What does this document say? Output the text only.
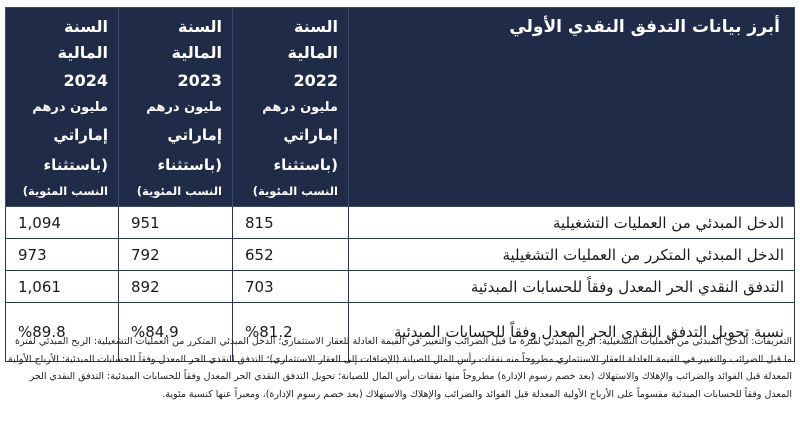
أبرز بيانات التدفق النقدي الأولي	السنة المالية
2022
مليون درهم
إماراتي (باستثناء
النسب المئوية)	السنة المالية
2023
مليون درهم
إماراتي (باستثناء
النسب المئوية)	السنة المالية
2024
مليون درهم
إماراتي (باستثناء
النسب المئوية)

الدخل المبدئي من العمليات التشغيلية	815	951	1,094
الدخل المبدئي المتكرر من العمليات التشغيلية	652	792	973
التدفق النقدي الحر المعدل وفقاً للحسابات المبدئية	703	892	1,061
نسبة تحويل التدفق النقدي الحر المعدل وفقاً للحسابات المبدئية	%81.2	%84.9	%89.8
التعريفات: الدخل المبدئي من العمليات التشغيلية: الربح المبدئي لفترة ما قبل الضرائب والتغيير في القيمة العادلة للعقار الاستثماري؛ الدخل المبدئي المتكرر من العمليات التشغيلية: الربح المبدئي لفترة ما قبل الضرائب والتغيير في القيمة العادلة للعقار الاستثماري مطروحاً منه نفقات رأس المال للصيانة (الإضافات إلى العقار الاستثماري)؛ التدفق النقدي الحر المعدل وفقاً للحسابات المبدئية: الأرباح الأولية المعدلة قبل الفوائد والضرائب والإهلاك والاستهلاك (بعد خصم رسوم الإدارة) مطروحاً منها نفقات رأس المال للصيانة؛ تحويل التدفق النقدي الحر المعدل وفقاً للحسابات المبدئية: التدفق النقدي الحر المعدل وفقاً للحسابات المبدئية مقسوماً على الأرباح الأولية المعدلة قبل الفوائد والضرائب والإهلاك والاستهلاك (بعد خصم رسوم الإدارة)، ومعبراً عنها كنسبة مئوية.
